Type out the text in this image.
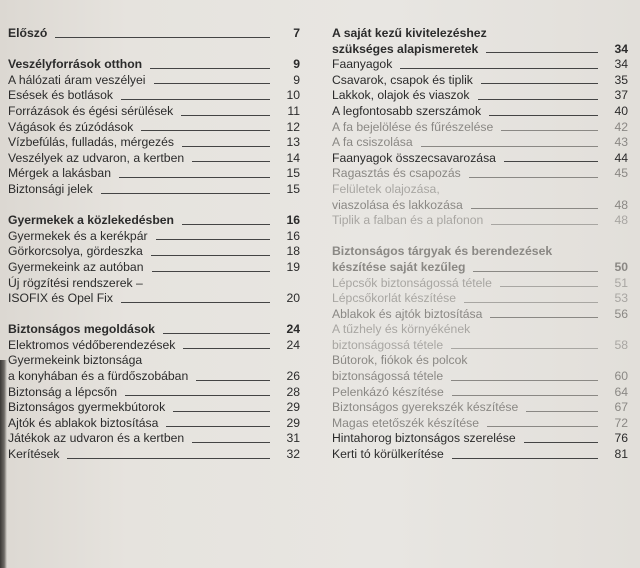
Előszó	7
Veszélyforrások otthon	9
A hálózati áram veszélyei	9
Esések és botlások	10
Forrázások és égési sérülések	11
Vágások és zúzódások	12
Vízbefúlás, fulladás, mérgezés	13
Veszélyek az udvaron, a kertben	14
Mérgek a lakásban	15
Biztonsági jelek	15
Gyermekek a közlekedésben	16
Gyermekek és a kerékpár	16
Görkorcsolya, gördeszka	18
Gyermekeink az autóban	19
Új rögzítési rendszerek –
ISOFIX és Opel Fix	20
Biztonságos megoldások	24
Elektromos védőberendezések	24
Gyermekeink biztonsága
a konyhában és a fürdőszobában	26
Biztonság a lépcsőn	28
Biztonságos gyermekbútorok	29
Ajtók és ablakok biztosítása	29
Játékok az udvaron és a kertben	31
Kerítések	32
A saját kezű kivitelezéshez
szükséges alapismeretek	34
Faanyagok	34
Csavarok, csapok és tiplik	35
Lakkok, olajok és viaszok	37
A legfontosabb szerszámok	40
A fa bejelölése és fűrészelése	42
A fa csiszolása	43
Faanyagok összecsavarozása	44
Ragasztás és csapozás	45
Felületek olajozása,
viaszolása és lakkozása	48
Tiplik a falban és a plafonon	48
Biztonságos tárgyak és berendezések
készítése saját kezűleg	50
Lépcsők biztonságossá tétele	51
Lépcsőkorlát készítése	53
Ablakok és ajtók biztosítása	56
A tűzhely és környékének
biztonságossá tétele	58
Bútorok, fiókok és polcok
biztonságossá tétele	60
Pelenkázó készítése	64
Biztonságos gyerekszék készítése	67
Magas etetőszék készítése	72
Hintahorog biztonságos szerelése	76
Kerti tó körülkerítése	81
